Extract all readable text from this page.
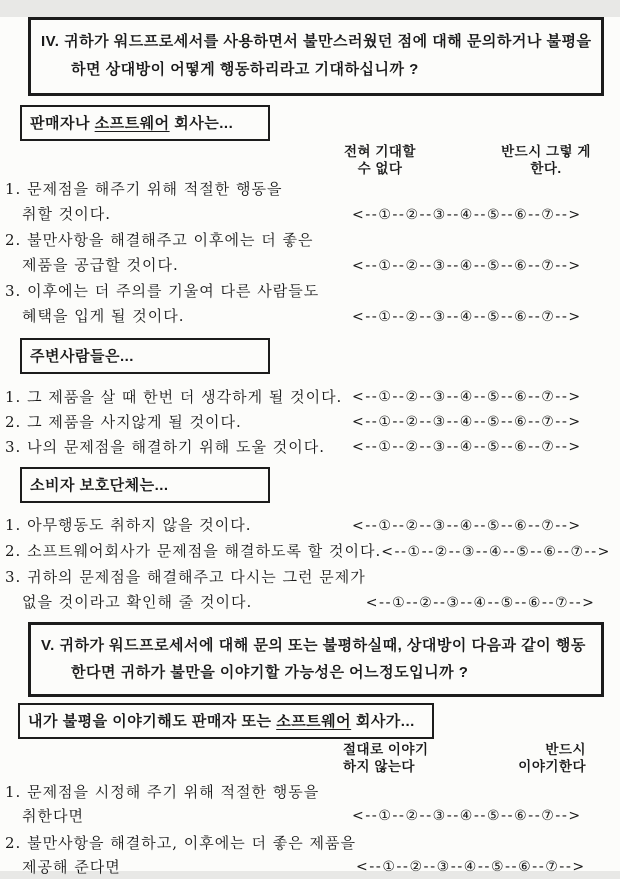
IV. 귀하가 워드프로세서를 사용하면서 불만스러웠던 점에 대해 문의하거나 불평을
하면 상대방이 어떻게 행동하리라고 기대하십니까 ?
판매자나 소프트웨어 회사는...
전혀 기대할
수 없다
반드시 그렇 게
한다.
1. 문제점을 해주기 위해 적절한 행동을
취할 것이다.	<--①--②--③--④--⑤--⑥--⑦-->
2. 불만사항을 해결해주고 이후에는 더 좋은
제품을 공급할 것이다.	<--①--②--③--④--⑤--⑥--⑦-->
3. 이후에는 더 주의를 기울여 다른 사람들도
혜택을 입게 될 것이다.	<--①--②--③--④--⑤--⑥--⑦-->
주변사람들은...
1. 그 제품을 살 때 한번 더 생각하게 될 것이다. <--①--②--③--④--⑤--⑥--⑦-->
2. 그 제품을 사지않게 될 것이다.	<--①--②--③--④--⑤--⑥--⑦-->
3. 나의 문제점을 해결하기 위해 도울 것이다.	<--①--②--③--④--⑤--⑥--⑦-->
소비자 보호단체는...
1. 아무행동도 취하지 않을 것이다.	<--①--②--③--④--⑤--⑥--⑦-->
2. 소프트웨어회사가 문제점을 해결하도록 할 것이다. <--①--②--③--④--⑤--⑥--⑦-->
3. 귀하의 문제점을 해결해주고 다시는 그런 문제가
없을 것이라고 확인해 줄 것이다.	<--①--②--③--④--⑤--⑥--⑦-->
V. 귀하가 워드프로세서에 대해 문의 또는 불평하실때, 상대방이 다음과 같이 행동
한다면 귀하가 불만을 이야기할 가능성은 어느정도입니까 ?
내가 불평을 이야기해도 판매자 또는 소프트웨어 회사가...
절대로 이야기
하지 않는다
반드시
이야기한다
1. 문제점을 시정해 주기 위해 적절한 행동을
취한다면	<--①--②--③--④--⑤--⑥--⑦-->
2. 불만사항을 해결하고, 이후에는 더 좋은 제품을
제공해 준다면	<--①--②--③--④--⑤--⑥--⑦-->
